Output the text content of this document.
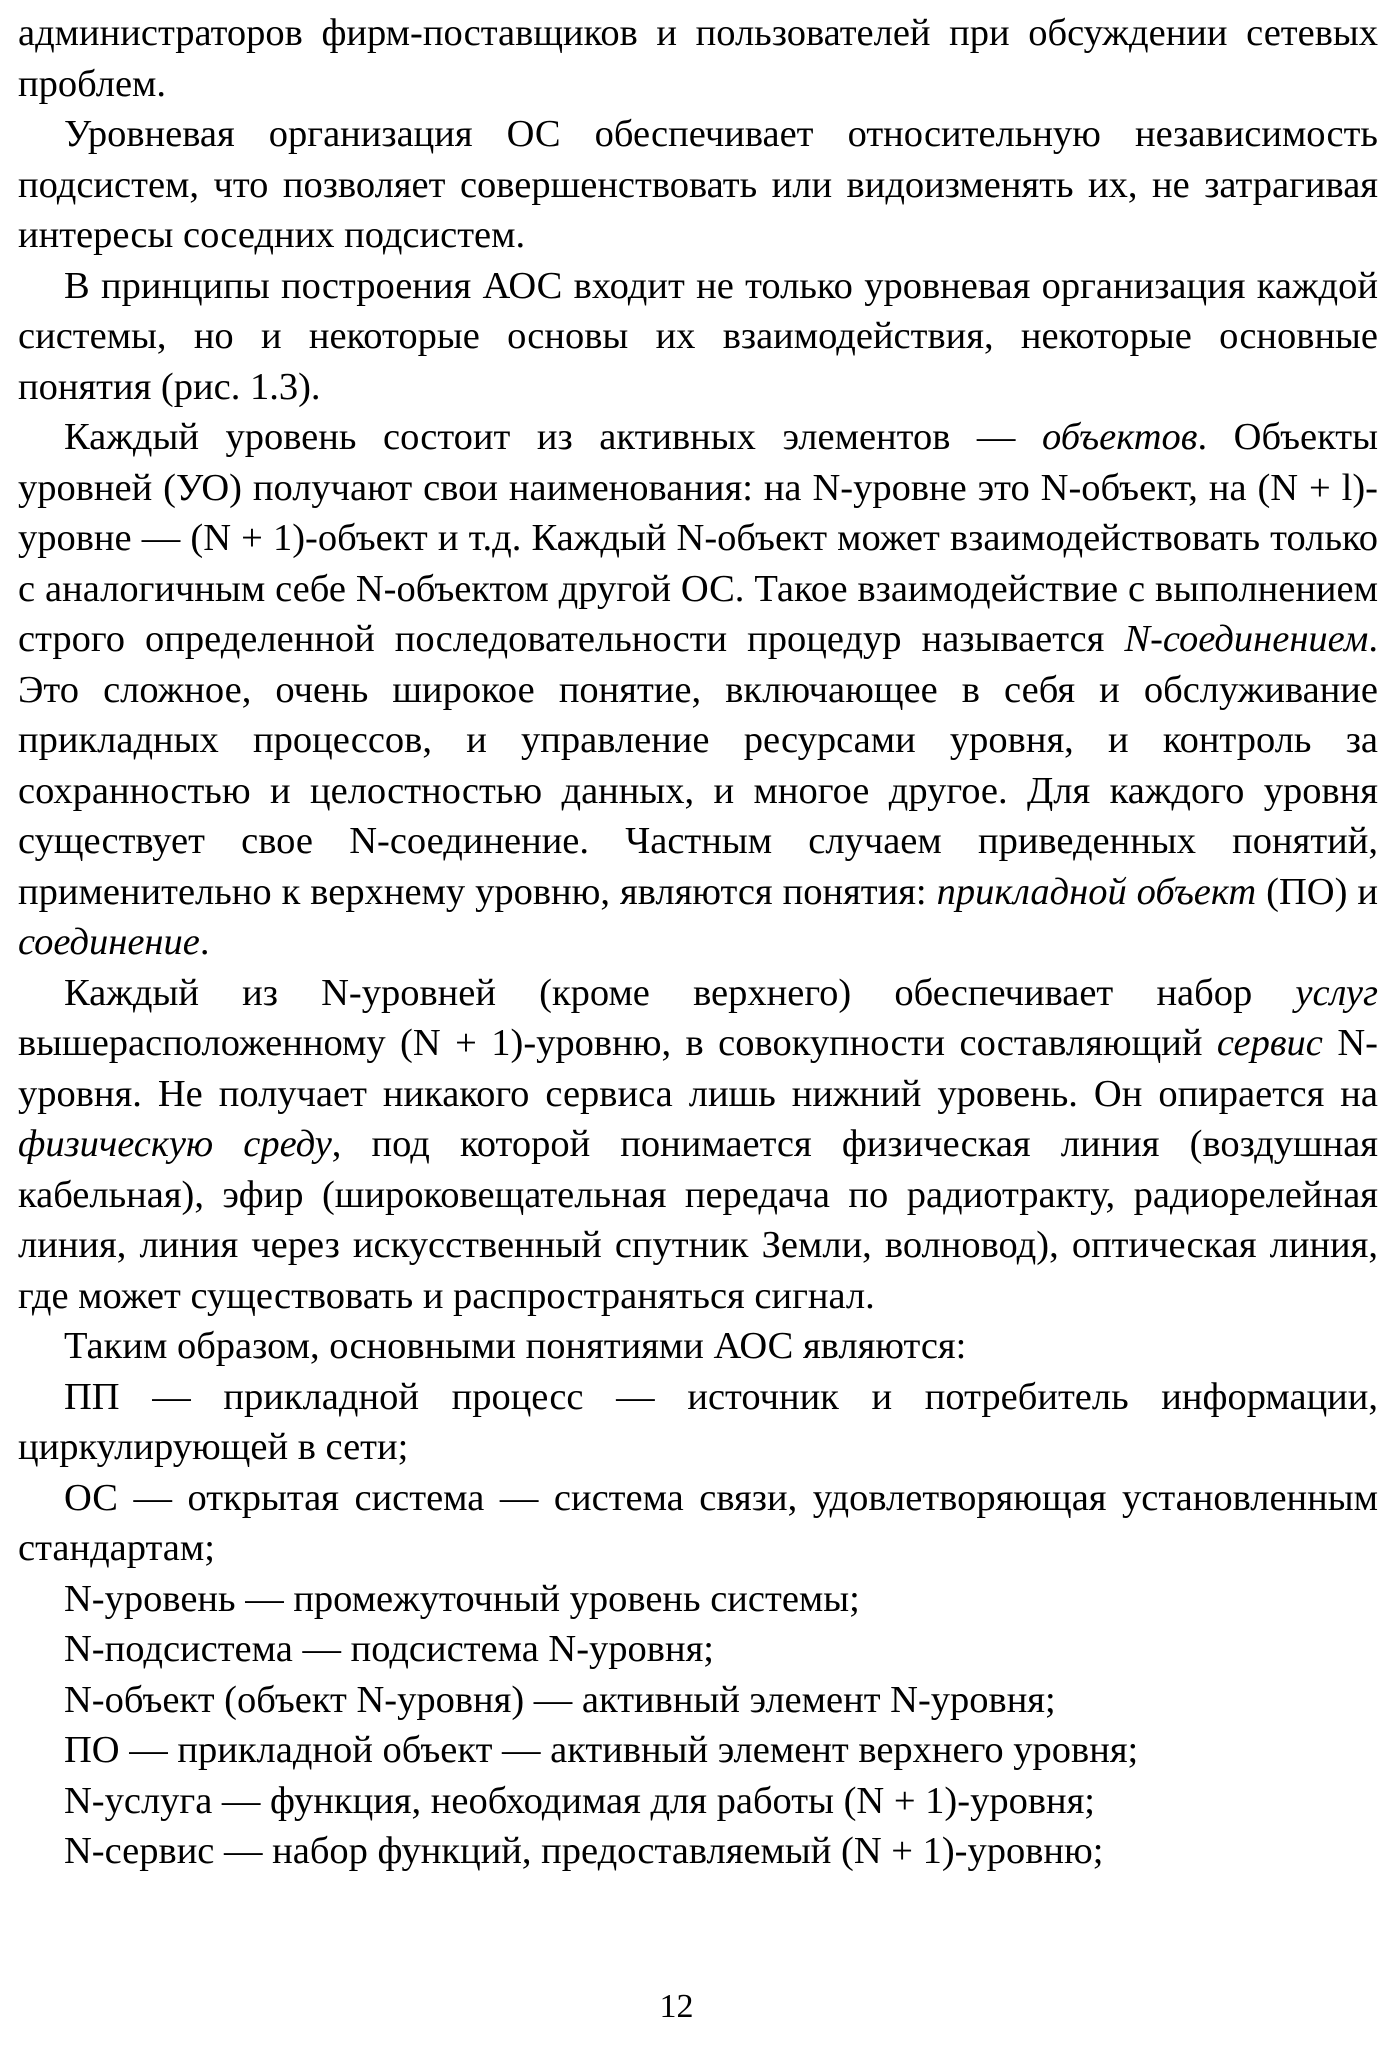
администраторов фирм-поставщиков и пользователей при обсуждении сетевых проблем.

Уровневая организация ОС обеспечивает относительную независимость подсистем, что позволяет совершенствовать или видоизменять их, не затрагивая интересы соседних подсистем.

В принципы построения АОС входит не только уровневая организация каждой системы, но и некоторые основы их взаимодействия, некоторые основные понятия (рис. 1.3).

Каждый уровень состоит из активных элементов — объектов. Объекты уровней (УО) получают свои наименования: на N-уровне это N-объект, на (N + l)-уровне — (N + 1)-объект и т.д. Каждый N-объект может взаимодействовать только с аналогичным себе N-объектом другой ОС. Такое взаимодействие с выполнением строго определенной последовательности процедур называется N-соединением. Это сложное, очень широкое понятие, включающее в себя и обслуживание прикладных процессов, и управление ресурсами уровня, и контроль за сохранностью и целостностью данных, и многое другое. Для каждого уровня существует свое N-соединение. Частным случаем приведенных понятий, применительно к верхнему уровню, являются понятия: прикладной объект (ПО) и соединение.

Каждый из N-уровней (кроме верхнего) обеспечивает набор услуг вышерасположенному (N + 1)-уровню, в совокупности составляющий сервис N-уровня. Не получает никакого сервиса лишь нижний уровень. Он опирается на физическую среду, под которой понимается физическая линия (воздушная кабельная), эфир (широковещательная передача по радиотракту, радиорелейная линия, линия через искусственный спутник Земли, волновод), оптическая линия, где может существовать и распространяться сигнал.

Таким образом, основными понятиями АОС являются:

ПП — прикладной процесс — источник и потребитель информации, циркулирующей в сети;

ОС — открытая система — система связи, удовлетворяющая установленным стандартам;

N-уровень — промежуточный уровень системы;

N-подсистема — подсистема N-уровня;

N-объект (объект N-уровня) — активный элемент N-уровня;

ПО — прикладной объект — активный элемент верхнего уровня;

N-услуга — функция, необходимая для работы (N + 1)-уровня;

N-сервис — набор функций, предоставляемый (N + 1)-уровню;

12
